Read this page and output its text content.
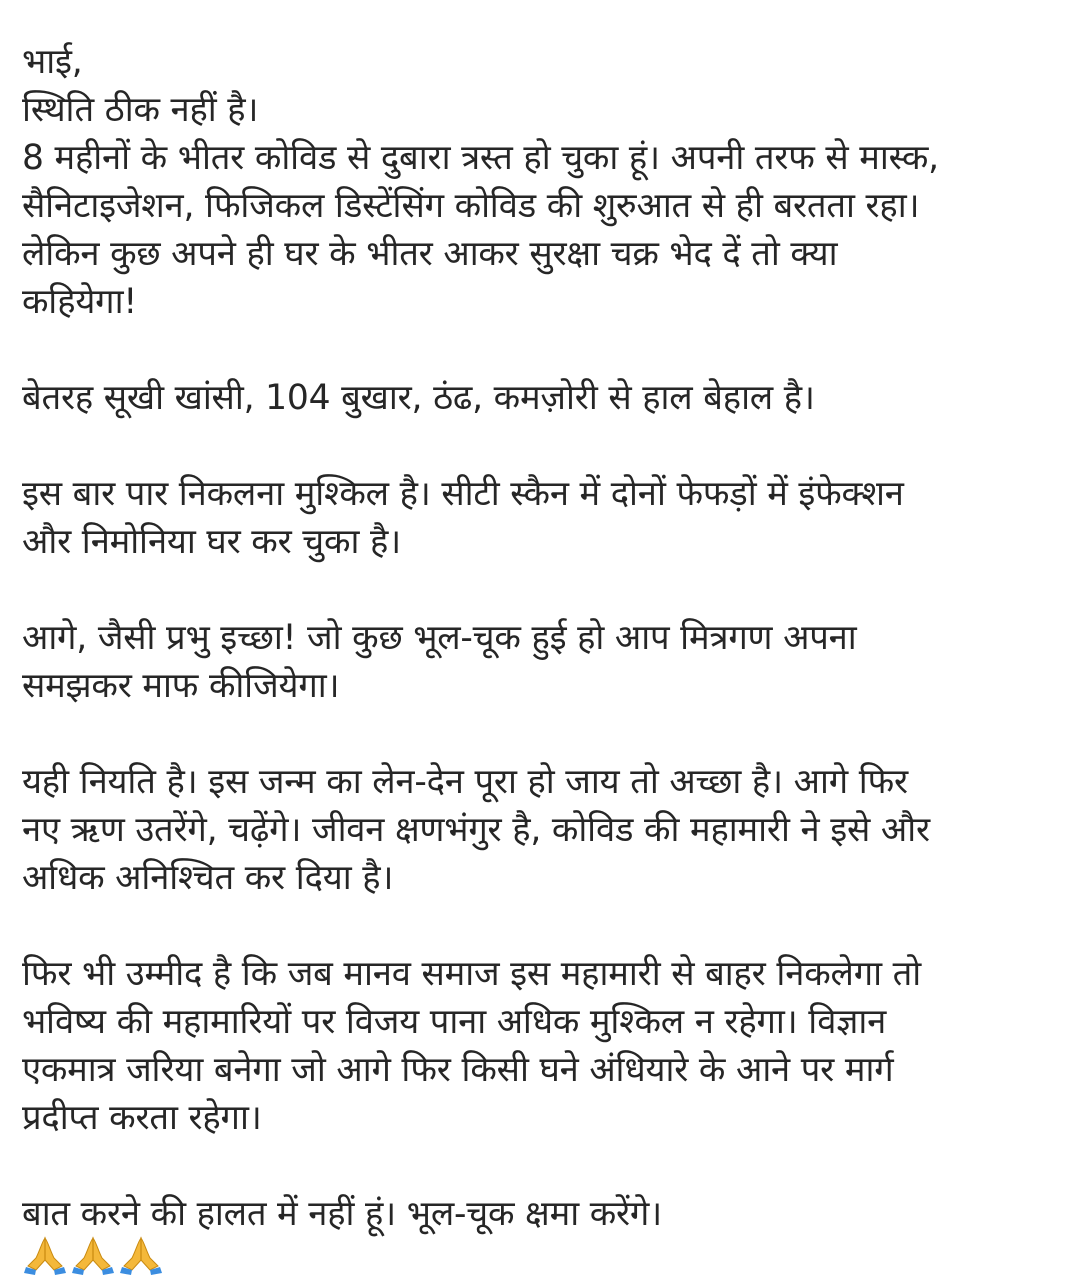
भाई,
स्थिति ठीक नहीं है।
8 महीनों के भीतर कोविड से दुबारा त्रस्त हो चुका हूं। अपनी तरफ से मास्क,
सैनिटाइजेशन, फिजिकल डिस्टेंसिंग कोविड की शुरुआत से ही बरतता रहा।
लेकिन कुछ अपने ही घर के भीतर आकर सुरक्षा चक्र भेद दें तो क्या
कहियेगा!
बेतरह सूखी खांसी, 104 बुखार, ठंढ, कमज़ोरी से हाल बेहाल है।
इस बार पार निकलना मुश्किल है। सीटी स्कैन में दोनों फेफड़ों में इंफेक्शन
और निमोनिया घर कर चुका है।
आगे, जैसी प्रभु इच्छा! जो कुछ भूल-चूक हुई हो आप मित्रगण अपना
समझकर माफ कीजियेगा।
यही नियति है। इस जन्म का लेन-देन पूरा हो जाय तो अच्छा है। आगे फिर
नए ऋण उतरेंगे, चढ़ेंगे। जीवन क्षणभंगुर है, कोविड की महामारी ने इसे और
अधिक अनिश्चित कर दिया है।
फिर भी उम्मीद है कि जब मानव समाज इस महामारी से बाहर निकलेगा तो
भविष्य की महामारियों पर विजय पाना अधिक मुश्किल न रहेगा। विज्ञान
एकमात्र जरिया बनेगा जो आगे फिर किसी घने अंधियारे के आने पर मार्ग
प्रदीप्त करता रहेगा।
बात करने की हालत में नहीं हूं। भूल-चूक क्षमा करेंगे।
